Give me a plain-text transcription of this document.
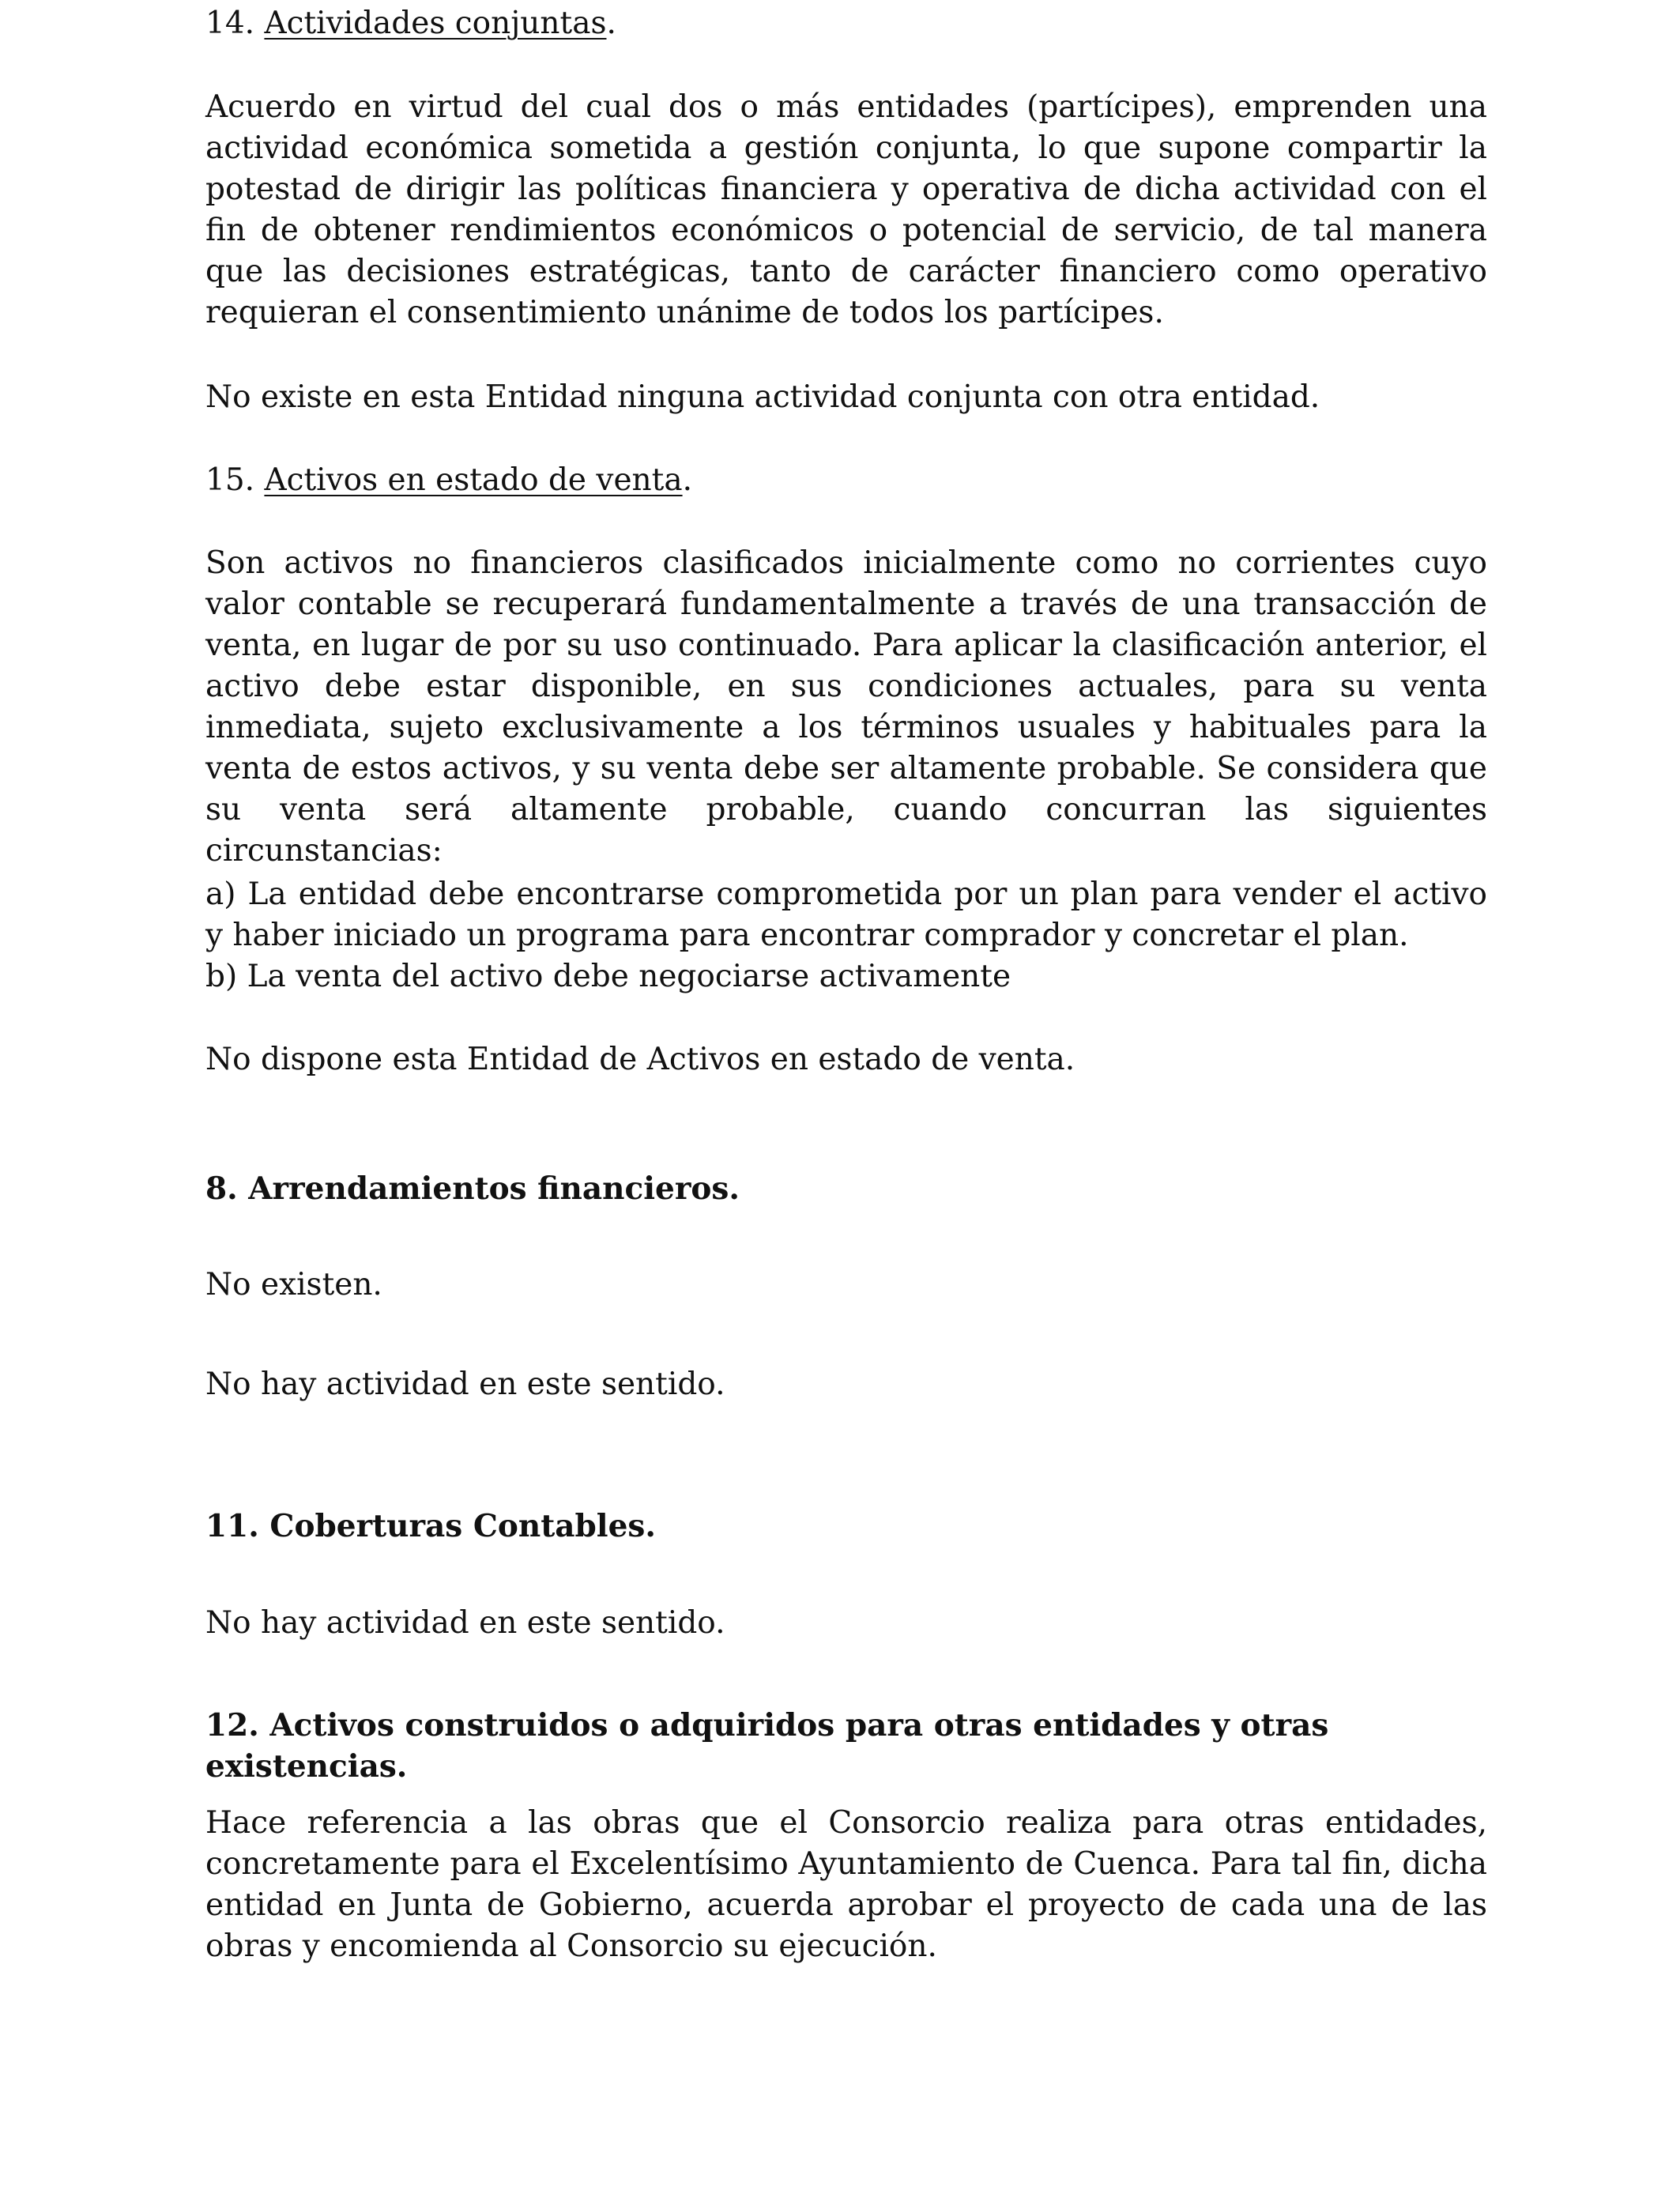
14. Actividades conjuntas.

Acuerdo en virtud del cual dos o más entidades (partícipes), emprenden una actividad económica sometida a gestión conjunta, lo que supone compartir la potestad de dirigir las políticas financiera y operativa de dicha actividad con el fin de obtener rendimientos económicos o potencial de servicio, de tal manera que las decisiones estratégicas, tanto de carácter financiero como operativo requieran el consentimiento unánime de todos los partícipes.

No existe en esta Entidad ninguna actividad conjunta con otra entidad.

15. Activos en estado de venta.

Son activos no financieros clasificados inicialmente como no corrientes cuyo valor contable se recuperará fundamentalmente a través de una transacción de venta, en lugar de por su uso continuado. Para aplicar la clasificación anterior, el activo debe estar disponible, en sus condiciones actuales, para su venta inmediata, sujeto exclusivamente a los términos usuales y habituales para la venta de estos activos, y su venta debe ser altamente probable. Se considera que su venta será altamente probable, cuando concurran las siguientes circunstancias:

a) La entidad debe encontrarse comprometida por un plan para vender el activo y haber iniciado un programa para encontrar comprador y concretar el plan.

b) La venta del activo debe negociarse activamente

No dispone esta Entidad de Activos en estado de venta.

8. Arrendamientos financieros.

No existen.

No hay actividad en este sentido.

11. Coberturas Contables.

No hay actividad en este sentido.

12. Activos construidos o adquiridos para otras entidades y otras existencias.

Hace referencia a las obras que el Consorcio realiza para otras entidades, concretamente para el Excelentísimo Ayuntamiento de Cuenca. Para tal fin, dicha entidad en Junta de Gobierno, acuerda aprobar el proyecto de cada una de las obras y encomienda al Consorcio su ejecución.
